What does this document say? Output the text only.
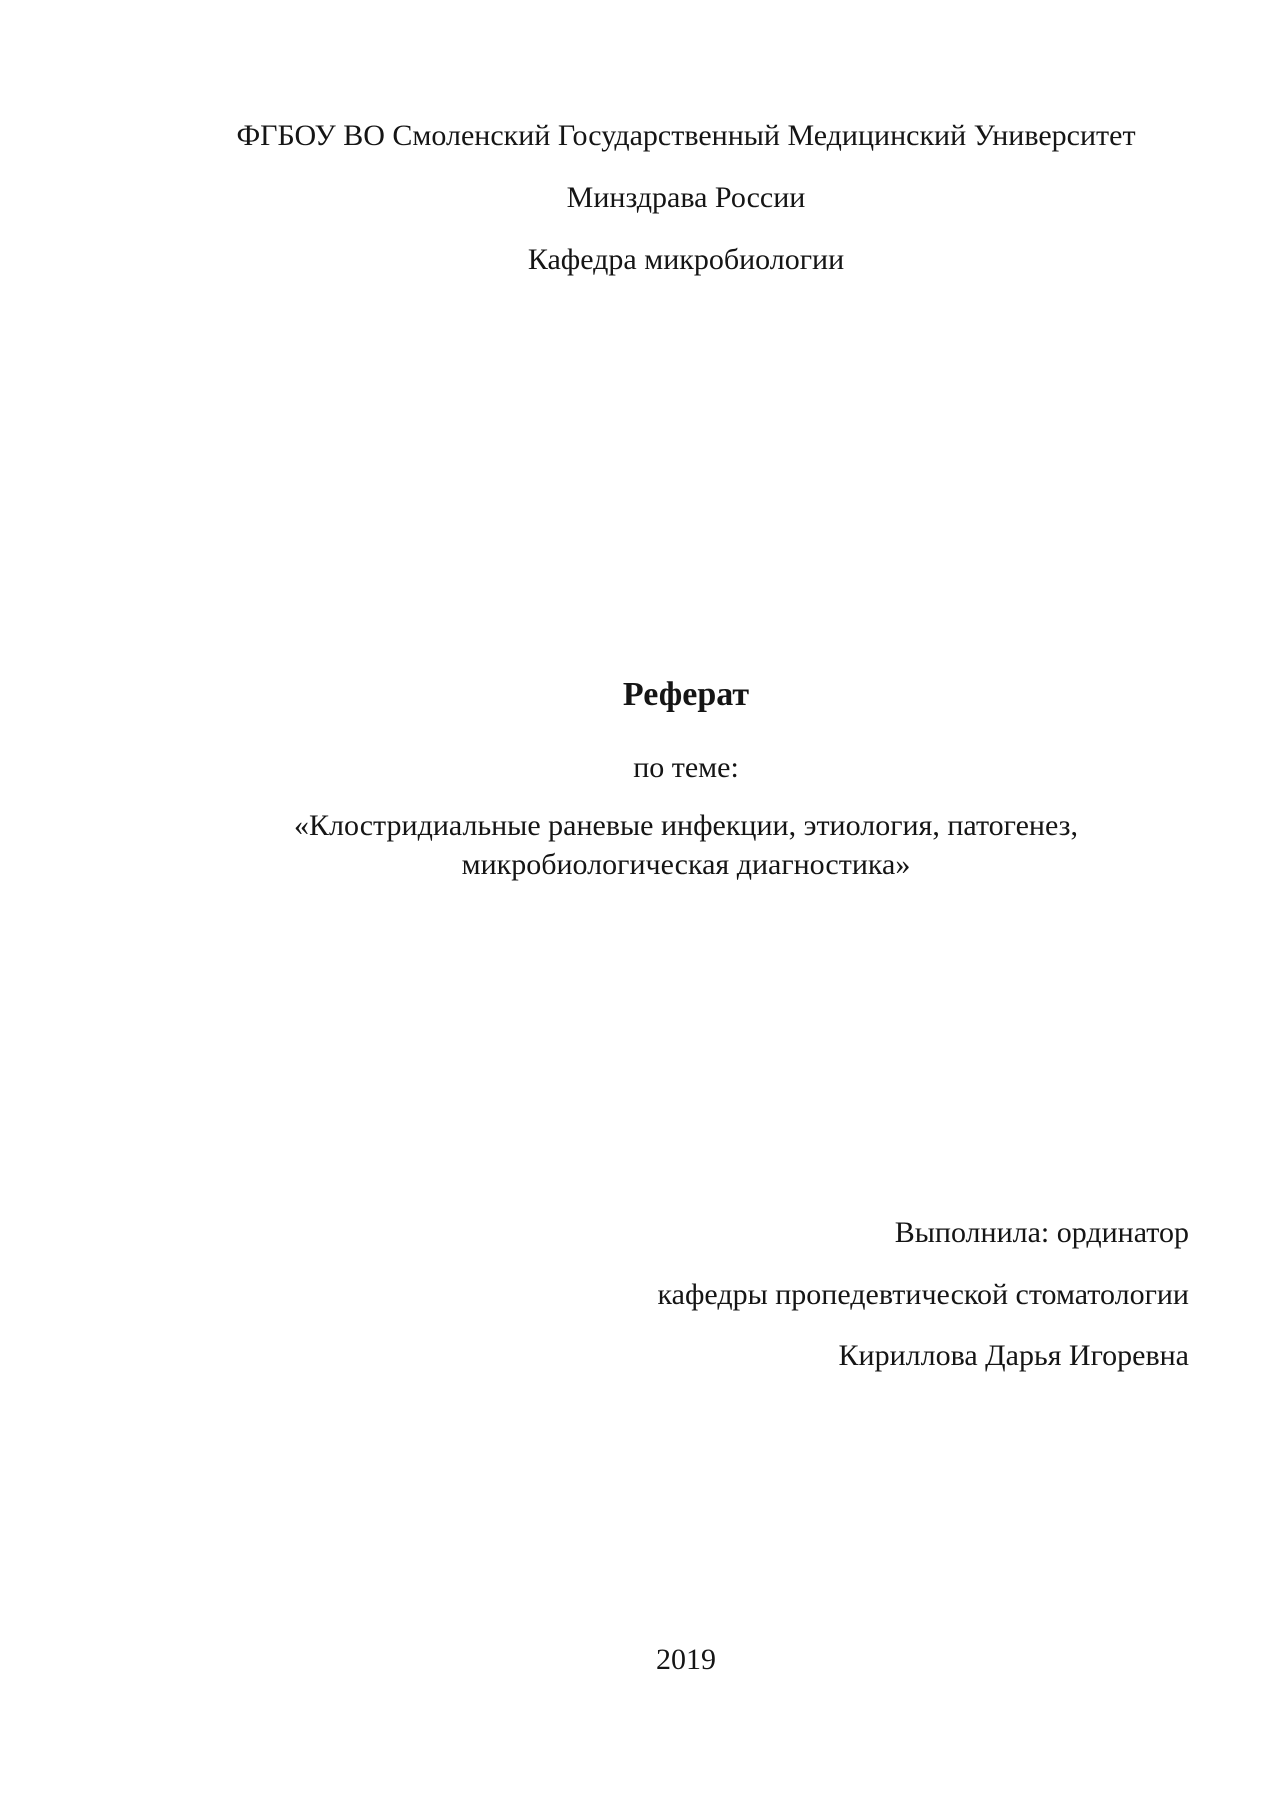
ФГБОУ ВО Смоленский Государственный Медицинский Университет
Минздрава России
Кафедра микробиологии
Реферат
по теме:
«Клостридиальные раневые инфекции, этиология, патогенез,
микробиологическая диагностика»
Выполнила: ординатор
кафедры пропедевтической стоматологии
Кириллова Дарья Игоревна
2019
